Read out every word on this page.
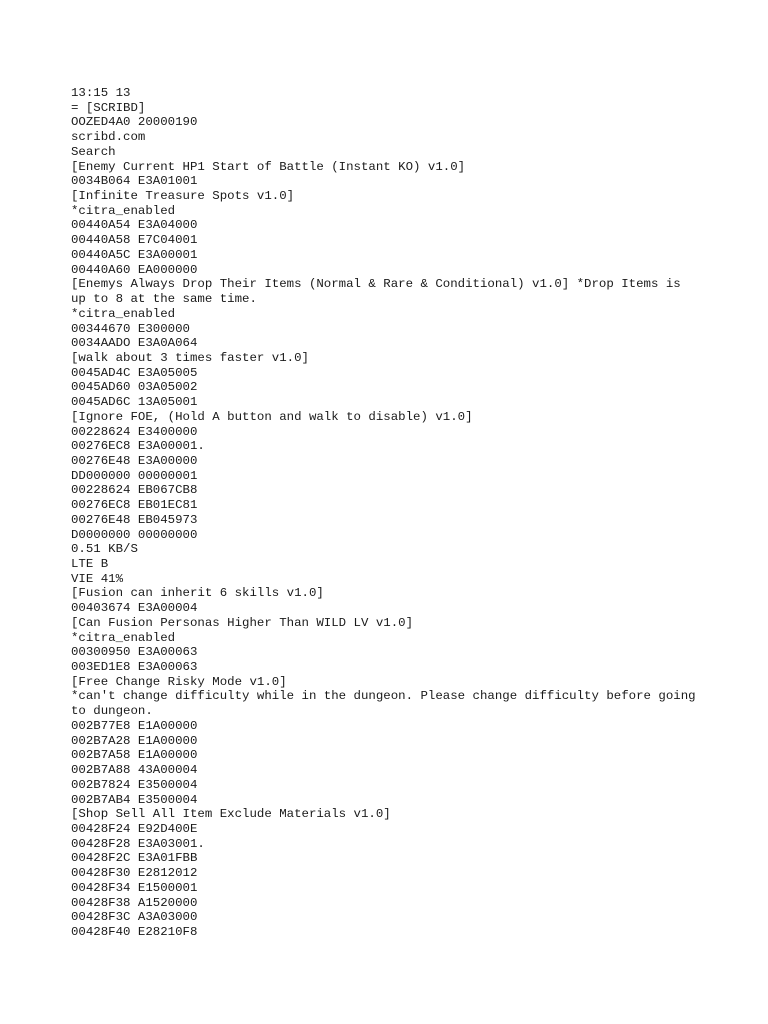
13:15 13
= [SCRIBD]
OOZED4A0 20000190
scribd.com
Search
[Enemy Current HP1 Start of Battle (Instant KO) v1.0]
0034B064 E3A01001
[Infinite Treasure Spots v1.0]
*citra_enabled
00440A54 E3A04000
00440A58 E7C04001
00440A5C E3A00001
00440A60 EA000000
[Enemys Always Drop Their Items (Normal & Rare & Conditional) v1.0] *Drop Items is up to 8 at the same time.
*citra_enabled
00344670 E300000
0034AADO E3A0A064
[walk about 3 times faster v1.0]
0045AD4C E3A05005
0045AD60 03A05002
0045AD6C 13A05001
[Ignore FOE, (Hold A button and walk to disable) v1.0]
00228624 E3400000
00276EC8 E3A00001.
00276E48 E3A00000
DD000000 00000001
00228624 EB067CB8
00276EC8 EB01EC81
00276E48 EB045973
D0000000 00000000
0.51 KB/S
LTE B
VIE 41%
[Fusion can inherit 6 skills v1.0]
00403674 E3A00004
[Can Fusion Personas Higher Than WILD LV v1.0]
*citra_enabled
00300950 E3A00063
003ED1E8 E3A00063
[Free Change Risky Mode v1.0]
*can't change difficulty while in the dungeon. Please change difficulty before going to dungeon.
002B77E8 E1A00000
002B7A28 E1A00000
002B7A58 E1A00000
002B7A88 43A00004
002B7824 E3500004
002B7AB4 E3500004
[Shop Sell All Item Exclude Materials v1.0]
00428F24 E92D400E
00428F28 E3A03001.
00428F2C E3A01FBB
00428F30 E2812012
00428F34 E1500001
00428F38 A1520000
00428F3C A3A03000
00428F40 E28210F8
